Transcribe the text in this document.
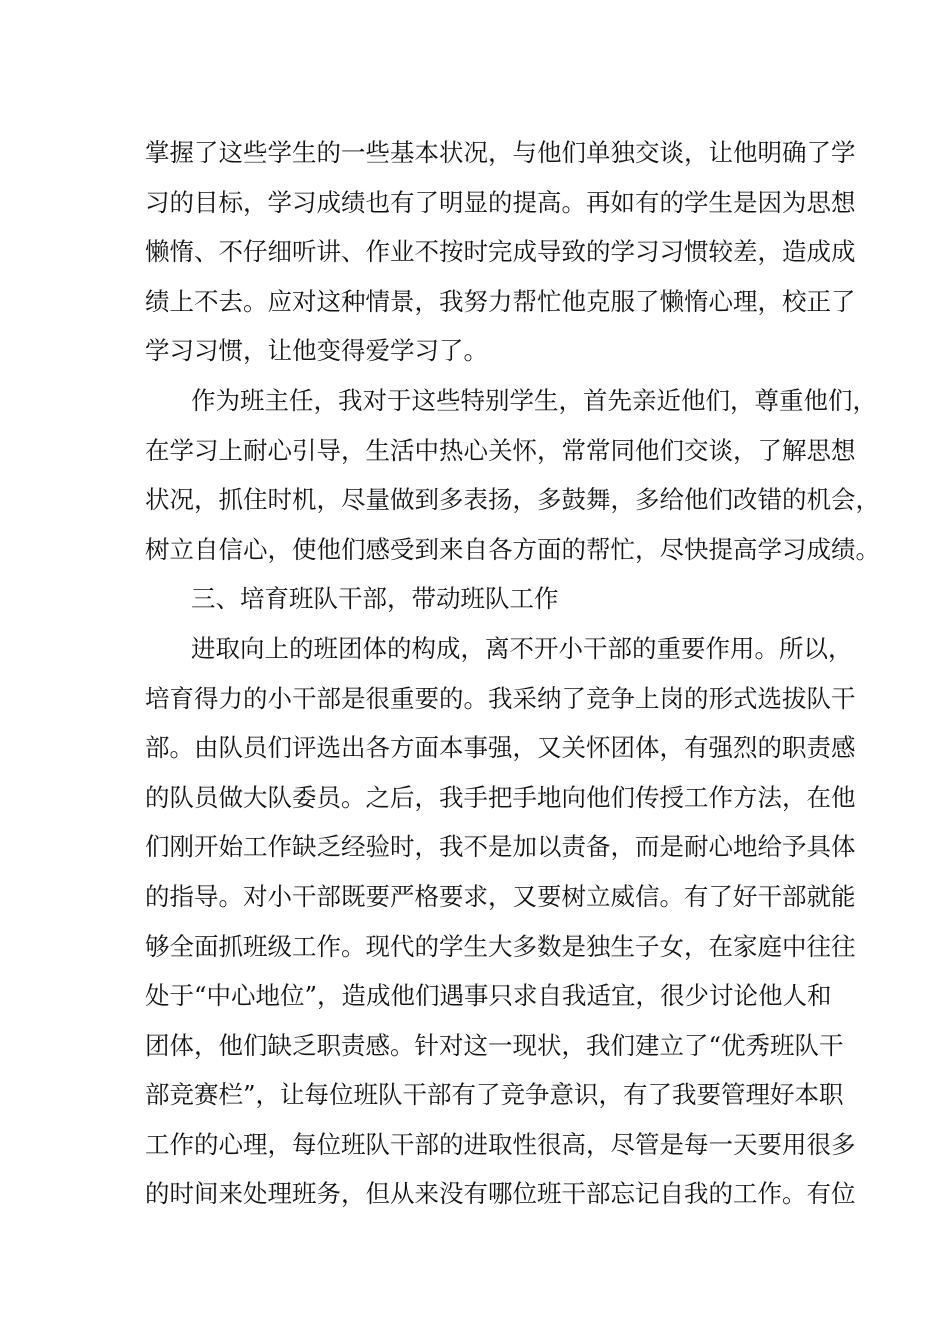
掌握了这些学生的一些基本状况，与他们单独交谈，让他明确了学
习的目标，学习成绩也有了明显的提高。再如有的学生是因为思想
懒惰、不仔细听讲、作业不按时完成导致的学习习惯较差，造成成
绩上不去。应对这种情景，我努力帮忙他克服了懒惰心理，校正了
学习习惯，让他变得爱学习了。
作为班主任，我对于这些特别学生，首先亲近他们，尊重他们，
在学习上耐心引导，生活中热心关怀，常常同他们交谈，了解思想
状况，抓住时机，尽量做到多表扬，多鼓舞，多给他们改错的机会，
树立自信心，使他们感受到来自各方面的帮忙，尽快提高学习成绩。
三、培育班队干部，带动班队工作
进取向上的班团体的构成，离不开小干部的重要作用。所以，
培育得力的小干部是很重要的。我采纳了竞争上岗的形式选拔队干
部。由队员们评选出各方面本事强，又关怀团体，有强烈的职责感
的队员做大队委员。之后，我手把手地向他们传授工作方法，在他
们刚开始工作缺乏经验时，我不是加以责备，而是耐心地给予具体
的指导。对小干部既要严格要求，又要树立威信。有了好干部就能
够全面抓班级工作。现代的学生大多数是独生子女，在家庭中往往
处于“中心地位”，造成他们遇事只求自我适宜，很少讨论他人和
团体，他们缺乏职责感。针对这一现状，我们建立了“优秀班队干
部竞赛栏”，让每位班队干部有了竞争意识，有了我要管理好本职
工作的心理，每位班队干部的进取性很高，尽管是每一天要用很多
的时间来处理班务，但从来没有哪位班干部忘记自我的工作。有位
